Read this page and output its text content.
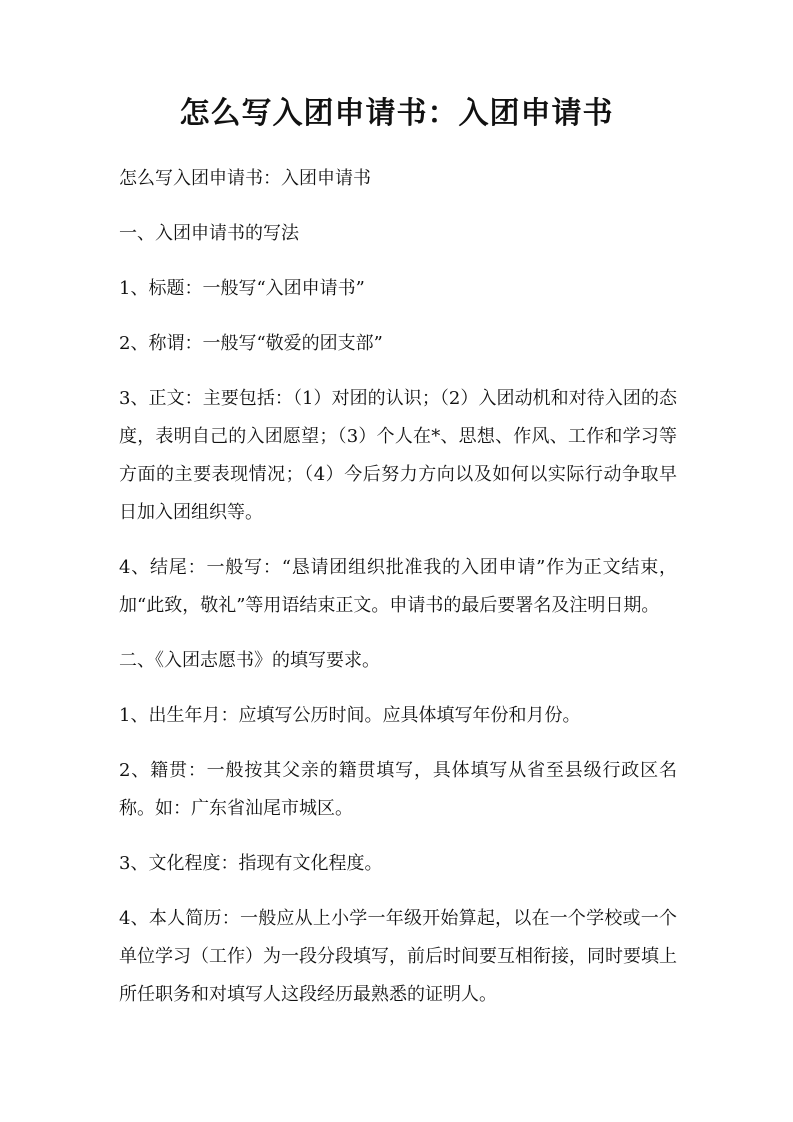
怎么写入团申请书：入团申请书

怎么写入团申请书：入团申请书

一、入团申请书的写法

1、标题：一般写“入团申请书”

2、称谓：一般写“敬爱的团支部”

3、正文：主要包括：（1）对团的认识；（2）入团动机和对待入团的态度，表明自己的入团愿望；（3）个人在*、思想、作风、工作和学习等方面的主要表现情况；（4）今后努力方向以及如何以实际行动争取早日加入团组织等。

4、结尾：一般写：“恳请团组织批准我的入团申请”作为正文结束，加“此致，敬礼”等用语结束正文。申请书的最后要署名及注明日期。

二、《入团志愿书》的填写要求。

1、出生年月：应填写公历时间。应具体填写年份和月份。

2、籍贯：一般按其父亲的籍贯填写，具体填写从省至县级行政区名称。如：广东省汕尾市城区。

3、文化程度：指现有文化程度。

4、本人简历：一般应从上小学一年级开始算起，以在一个学校或一个单位学习（工作）为一段分段填写，前后时间要互相衔接，同时要填上所任职务和对填写人这段经历最熟悉的证明人。
